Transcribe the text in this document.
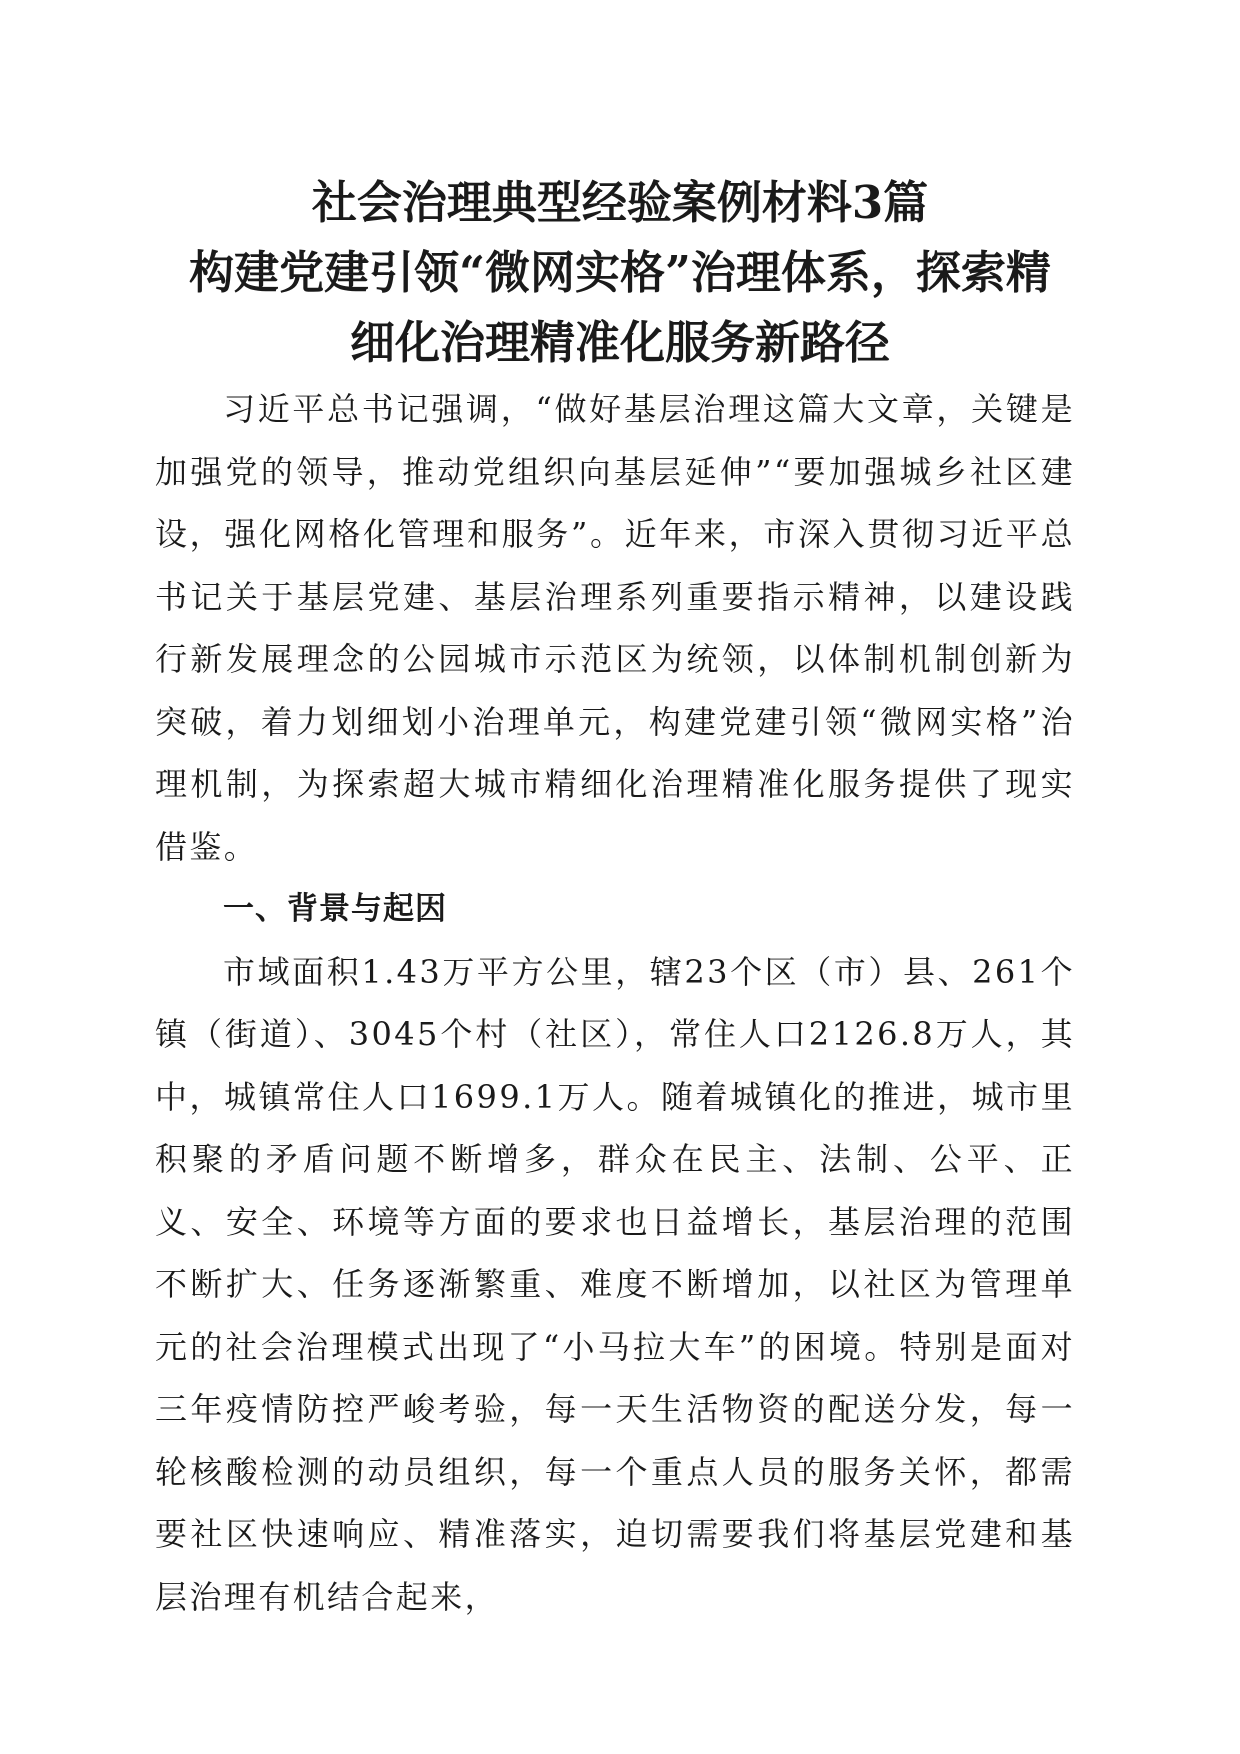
社会治理典型经验案例材料3篇
构建党建引领“微网实格”治理体系，探索精
细化治理精准化服务新路径

习近平总书记强调，“做好基层治理这篇大文章，关键是加强党的领导，推动党组织向基层延伸”“要加强城乡社区建设，强化网格化管理和服务”。近年来，市深入贯彻习近平总书记关于基层党建、基层治理系列重要指示精神，以建设践行新发展理念的公园城市示范区为统领，以体制机制创新为突破，着力划细划小治理单元，构建党建引领“微网实格”治理机制，为探索超大城市精细化治理精准化服务提供了现实借鉴。

一、背景与起因

市域面积1.43万平方公里，辖23个区（市）县、261个镇（街道）、3045个村（社区），常住人口2126.8万人，其中，城镇常住人口1699.1万人。随着城镇化的推进，城市里积聚的矛盾问题不断增多，群众在民主、法制、公平、正义、安全、环境等方面的要求也日益增长，基层治理的范围不断扩大、任务逐渐繁重、难度不断增加，以社区为管理单元的社会治理模式出现了“小马拉大车”的困境。特别是面对三年疫情防控严峻考验，每一天生活物资的配送分发，每一轮核酸检测的动员组织，每一个重点人员的服务关怀，都需要社区快速响应、精准落实，迫切需要我们将基层党建和基层治理有机结合起来，
